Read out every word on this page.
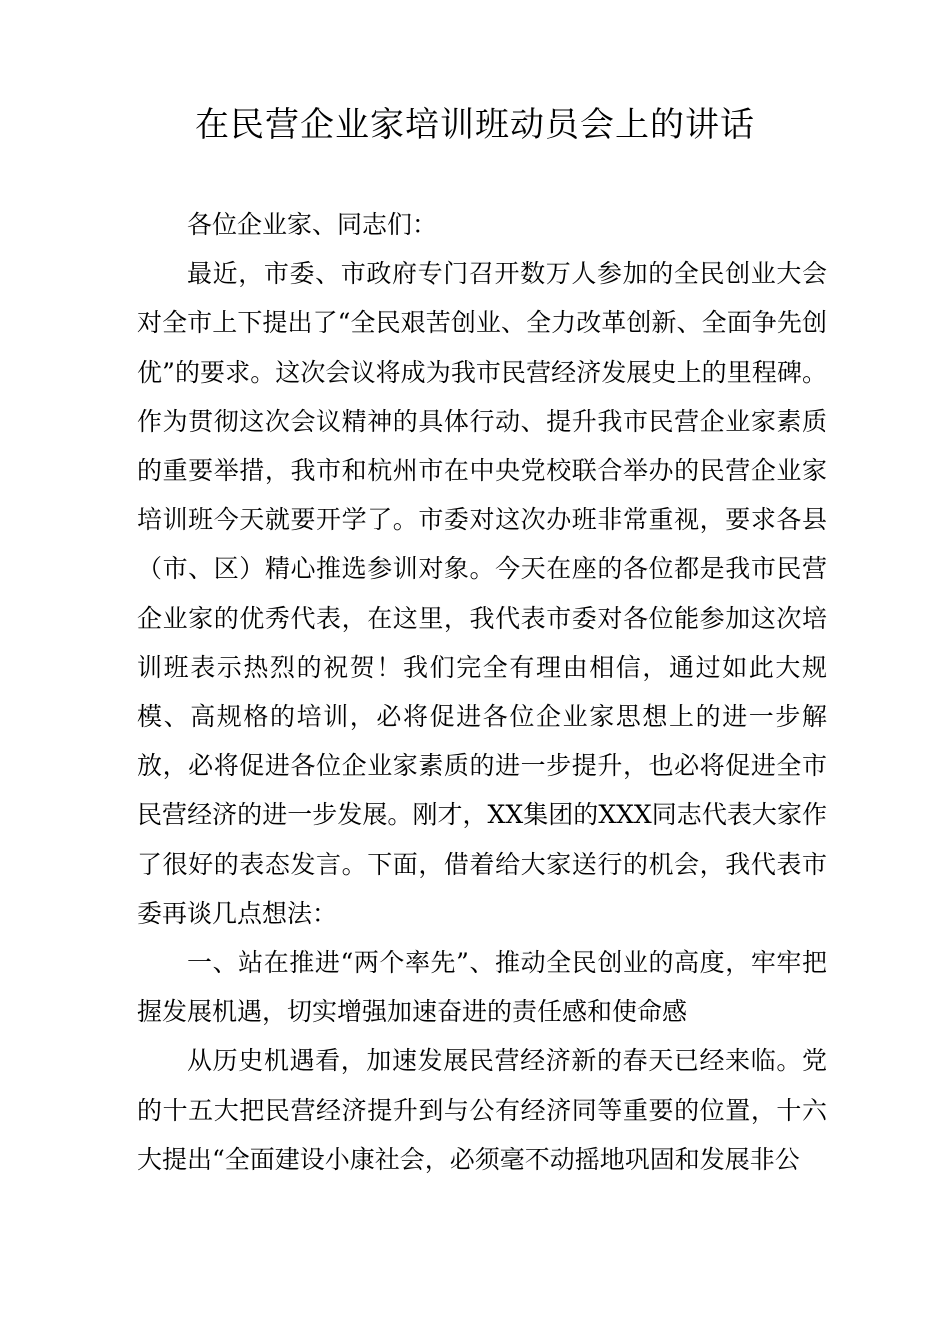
在民营企业家培训班动员会上的讲话

各位企业家、同志们：

最近，市委、市政府专门召开数万人参加的全民创业大会对全市上下提出了“全民艰苦创业、全力改革创新、全面争先创优”的要求。这次会议将成为我市民营经济发展史上的里程碑。作为贯彻这次会议精神的具体行动、提升我市民营企业家素质的重要举措，我市和杭州市在中央党校联合举办的民营企业家培训班今天就要开学了。市委对这次办班非常重视，要求各县（市、区）精心推选参训对象。今天在座的各位都是我市民营企业家的优秀代表，在这里，我代表市委对各位能参加这次培训班表示热烈的祝贺！我们完全有理由相信，通过如此大规模、高规格的培训，必将促进各位企业家思想上的进一步解放，必将促进各位企业家素质的进一步提升，也必将促进全市民营经济的进一步发展。刚才，XX集团的XXX同志代表大家作了很好的表态发言。下面，借着给大家送行的机会，我代表市委再谈几点想法：

一、站在推进“两个率先”、推动全民创业的高度，牢牢把握发展机遇，切实增强加速奋进的责任感和使命感

从历史机遇看，加速发展民营经济新的春天已经来临。党的十五大把民营经济提升到与公有经济同等重要的位置，十六大提出“全面建设小康社会，必须毫不动摇地巩固和发展非公
